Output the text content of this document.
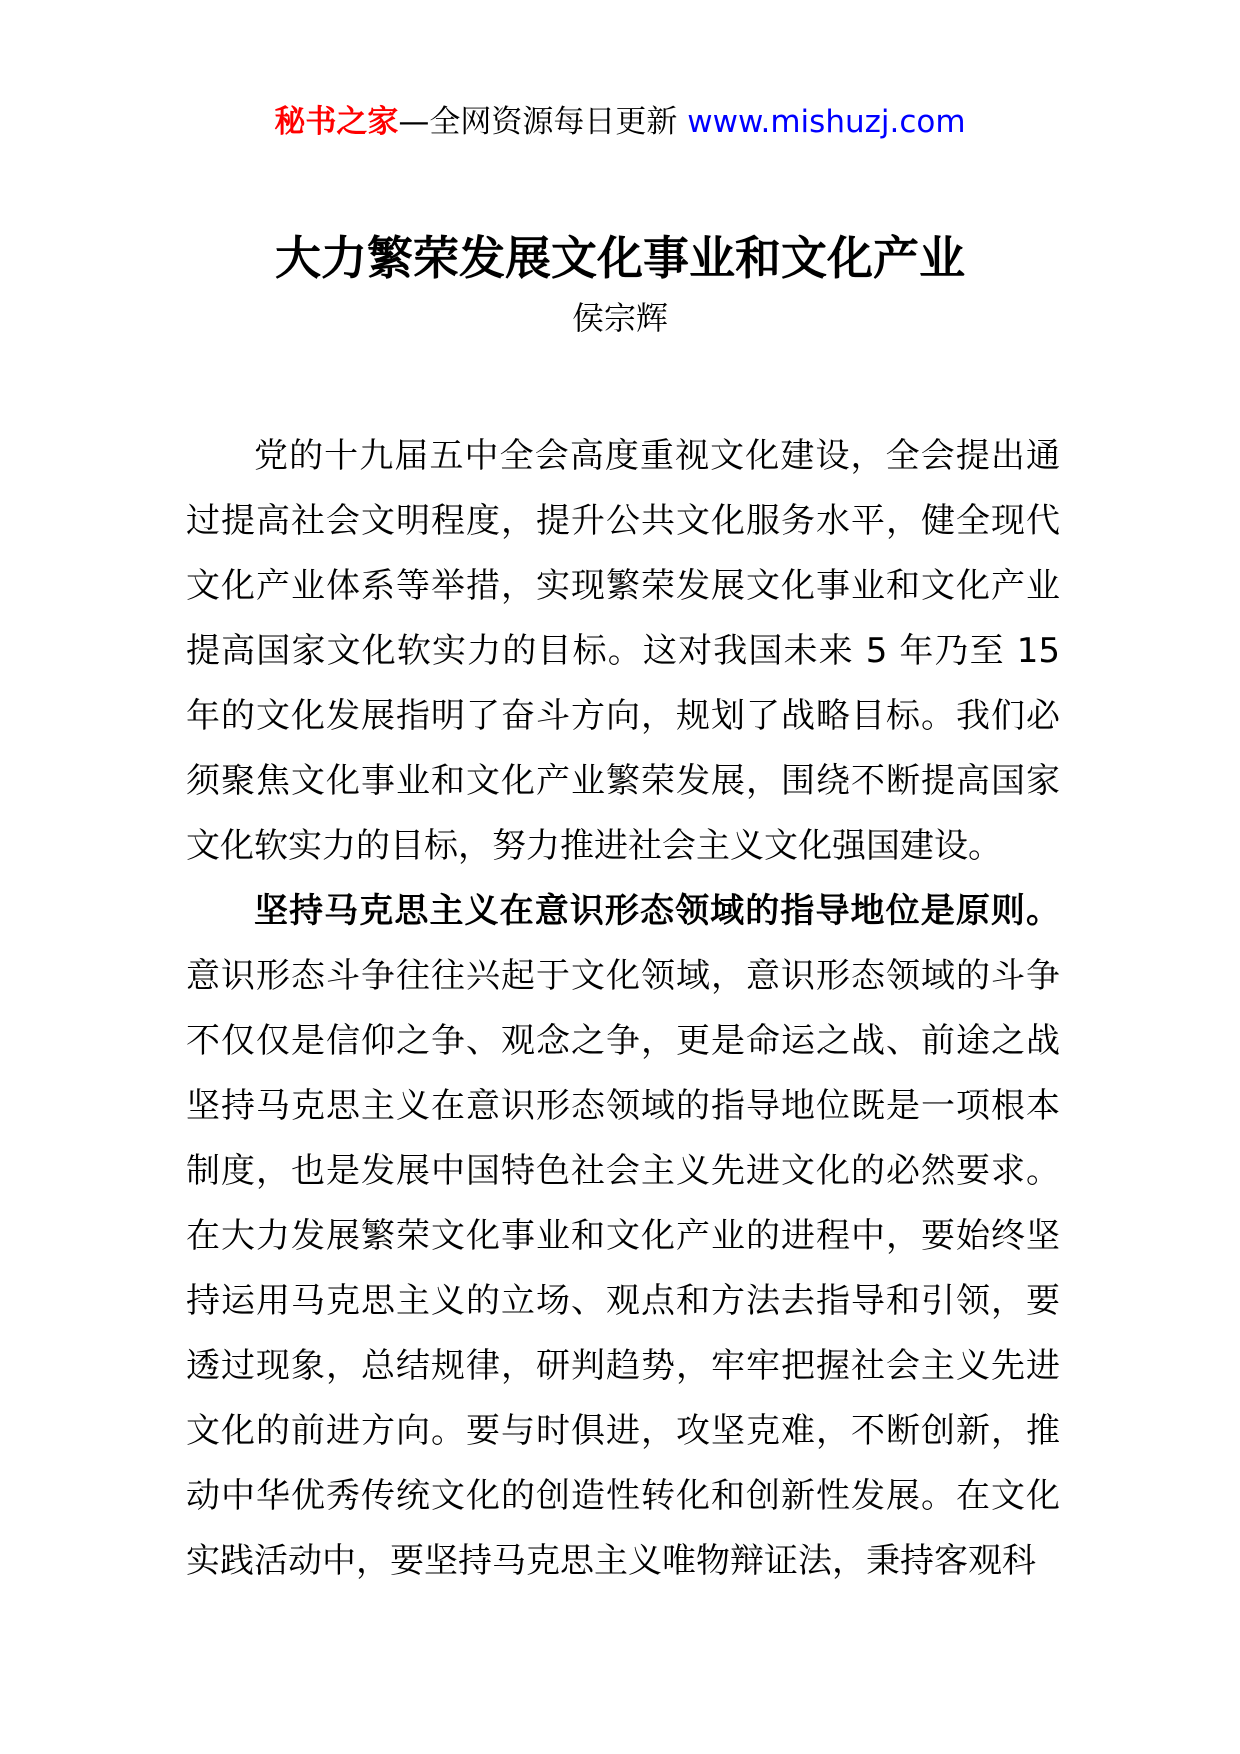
秘书之家—全网资源每日更新 www.mishuzj.com
大力繁荣发展文化事业和文化产业
侯宗辉

党的十九届五中全会高度重视文化建设，全会提出通过提高社会文明程度，提升公共文化服务水平，健全现代文化产业体系等举措，实现繁荣发展文化事业和文化产业提高国家文化软实力的目标。这对我国未来 5 年乃至 15 年的文化发展指明了奋斗方向，规划了战略目标。我们必须聚焦文化事业和文化产业繁荣发展，围绕不断提高国家文化软实力的目标，努力推进社会主义文化强国建设。

坚持马克思主义在意识形态领域的指导地位是原则。意识形态斗争往往兴起于文化领域，意识形态领域的斗争不仅仅是信仰之争、观念之争，更是命运之战、前途之战坚持马克思主义在意识形态领域的指导地位既是一项根本制度，也是发展中国特色社会主义先进文化的必然要求。在大力发展繁荣文化事业和文化产业的进程中，要始终坚持运用马克思主义的立场、观点和方法去指导和引领，要透过现象，总结规律，研判趋势，牢牢把握社会主义先进文化的前进方向。要与时俱进，攻坚克难，不断创新，推动中华优秀传统文化的创造性转化和创新性发展。在文化实践活动中，要坚持马克思主义唯物辩证法，秉持客观科
